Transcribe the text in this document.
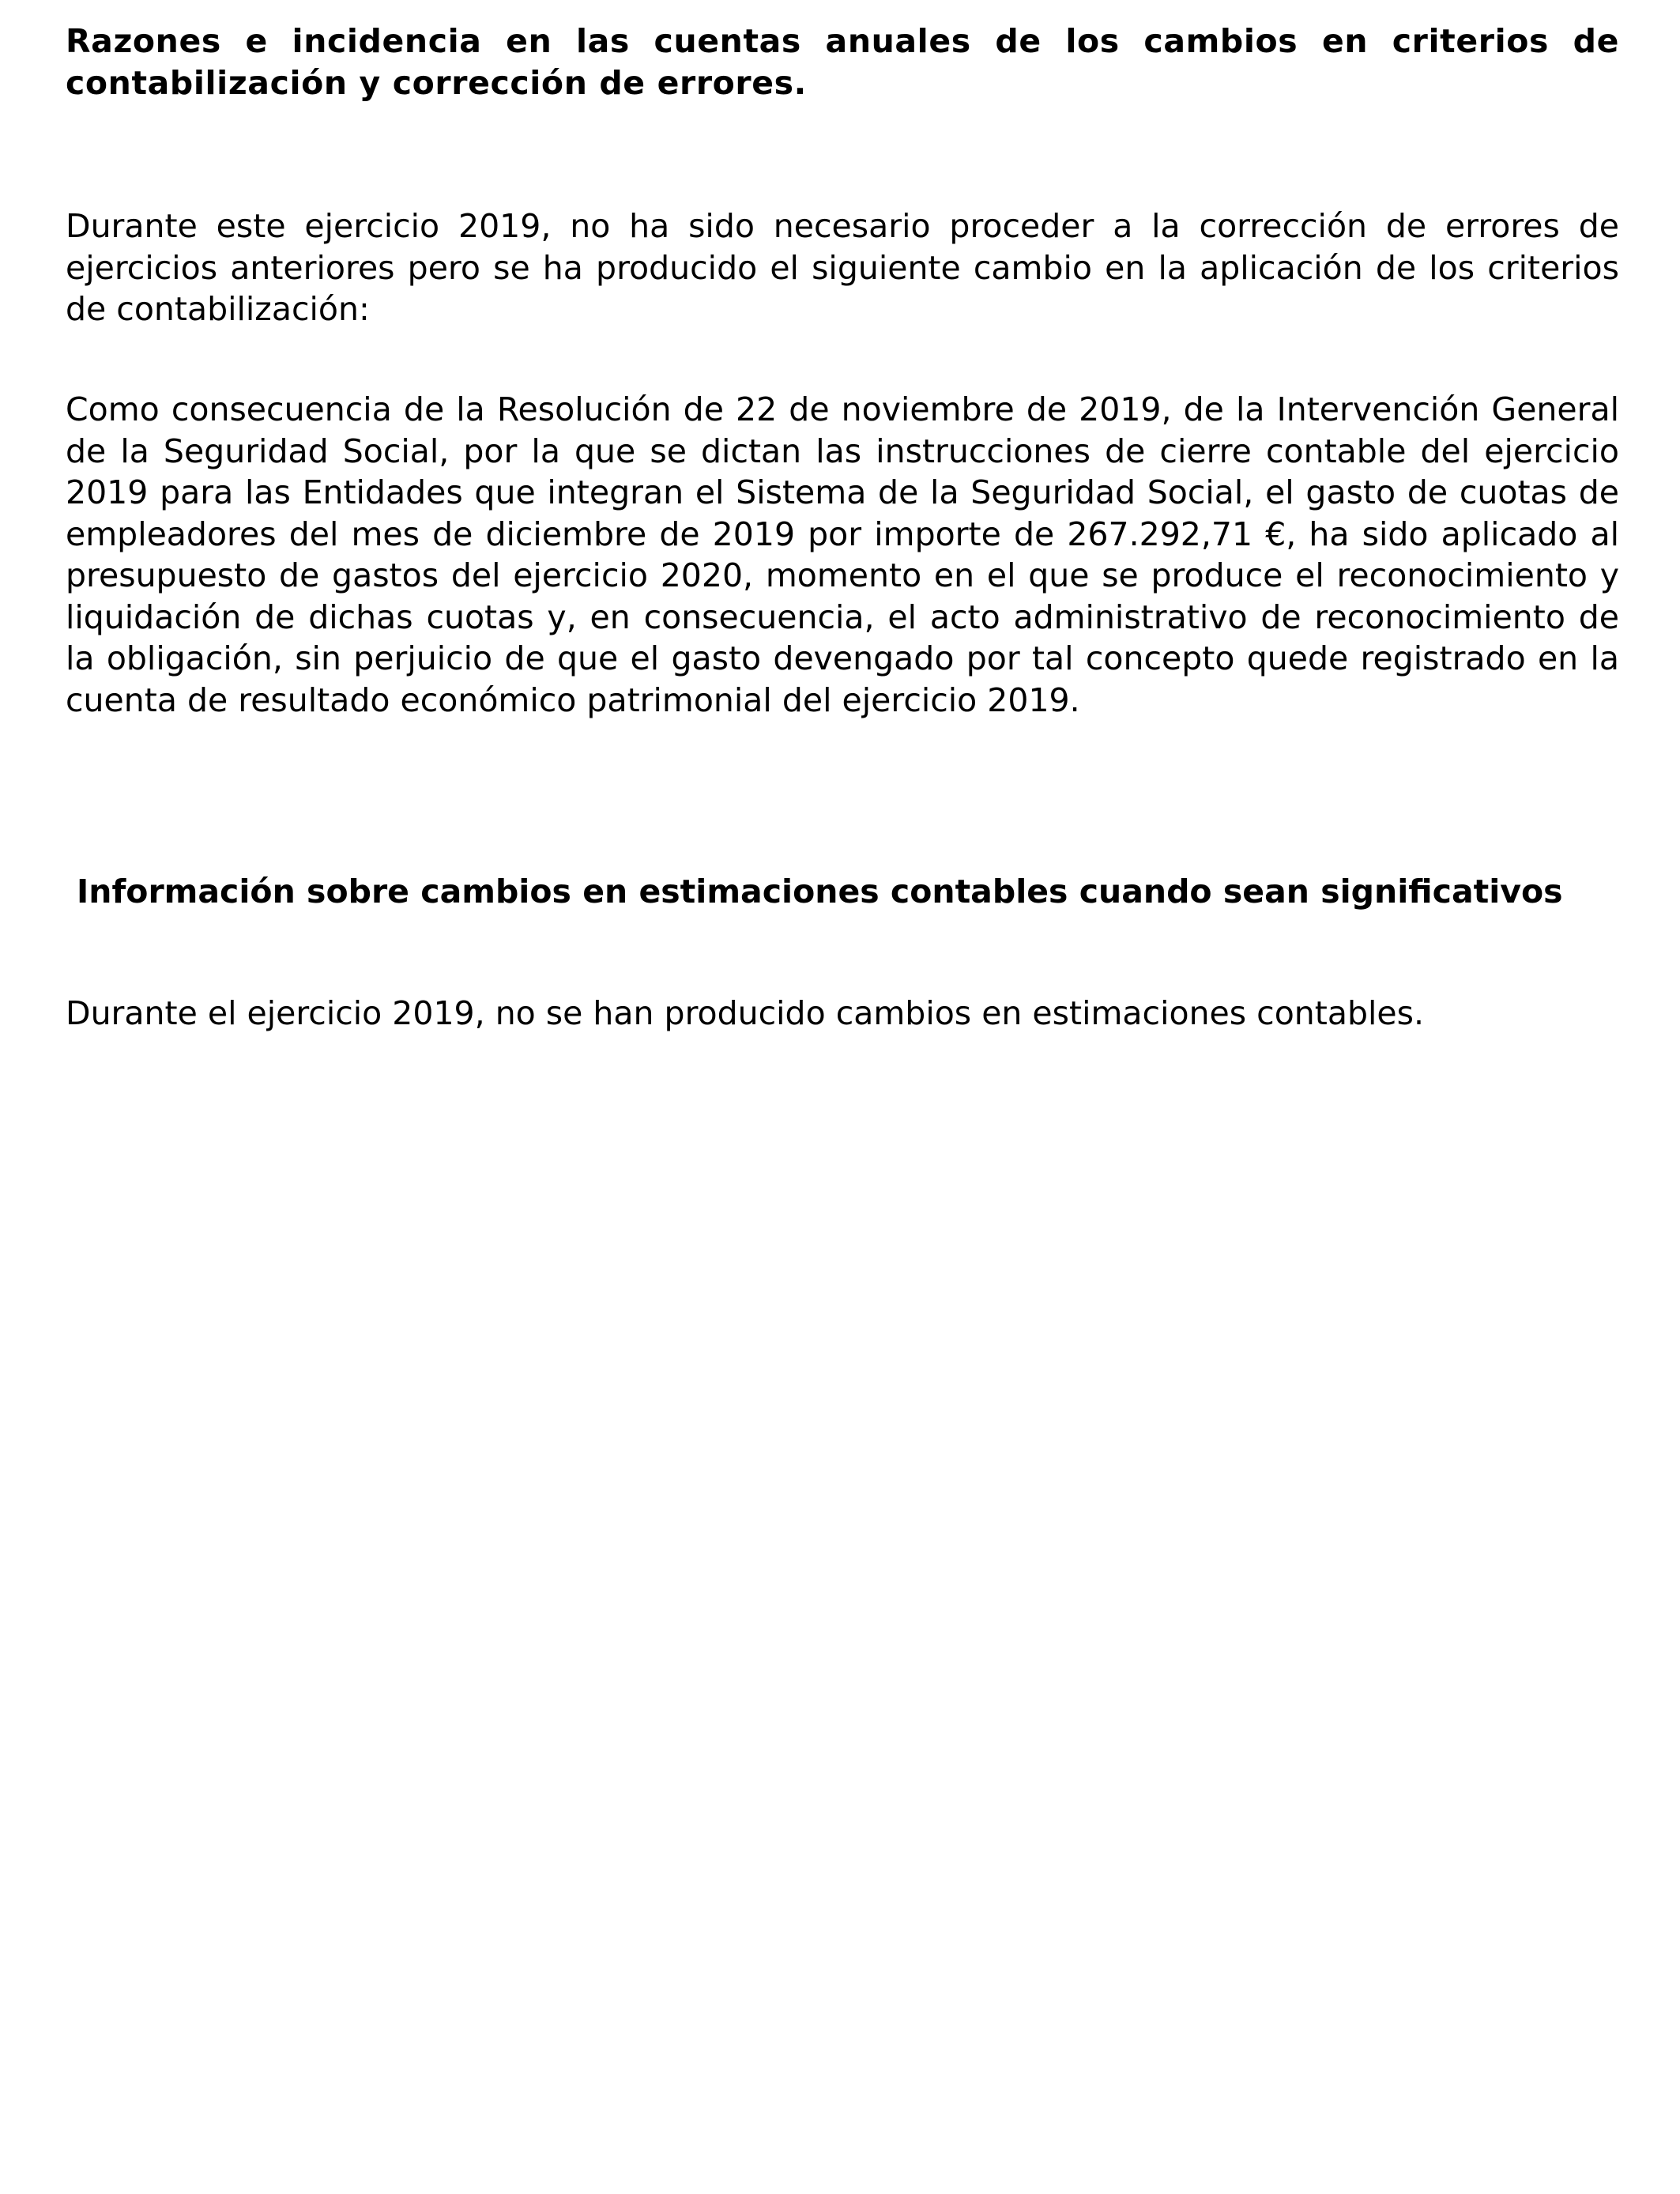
Razones e incidencia en las cuentas anuales de los cambios en criterios de contabilización y corrección de errores.
Durante este ejercicio 2019, no ha sido necesario proceder a la corrección de errores de ejercicios anteriores pero se ha producido el siguiente cambio en la aplicación de los criterios de contabilización:
Como consecuencia de la Resolución de 22 de noviembre de 2019, de la Intervención General de la Seguridad Social, por la que se dictan las instrucciones de cierre contable del ejercicio 2019 para las Entidades que integran el Sistema de la Seguridad Social, el gasto de cuotas de empleadores del mes de diciembre de 2019 por importe de 267.292,71 €, ha sido aplicado al presupuesto de gastos del ejercicio 2020, momento en el que se produce el reconocimiento y liquidación de dichas cuotas y, en consecuencia, el acto administrativo de reconocimiento de la obligación, sin perjuicio de que el gasto devengado por tal concepto quede registrado en la cuenta de resultado económico patrimonial del ejercicio 2019.
Información sobre cambios en estimaciones contables cuando sean significativos
Durante el ejercicio 2019, no se han producido cambios en estimaciones contables.
